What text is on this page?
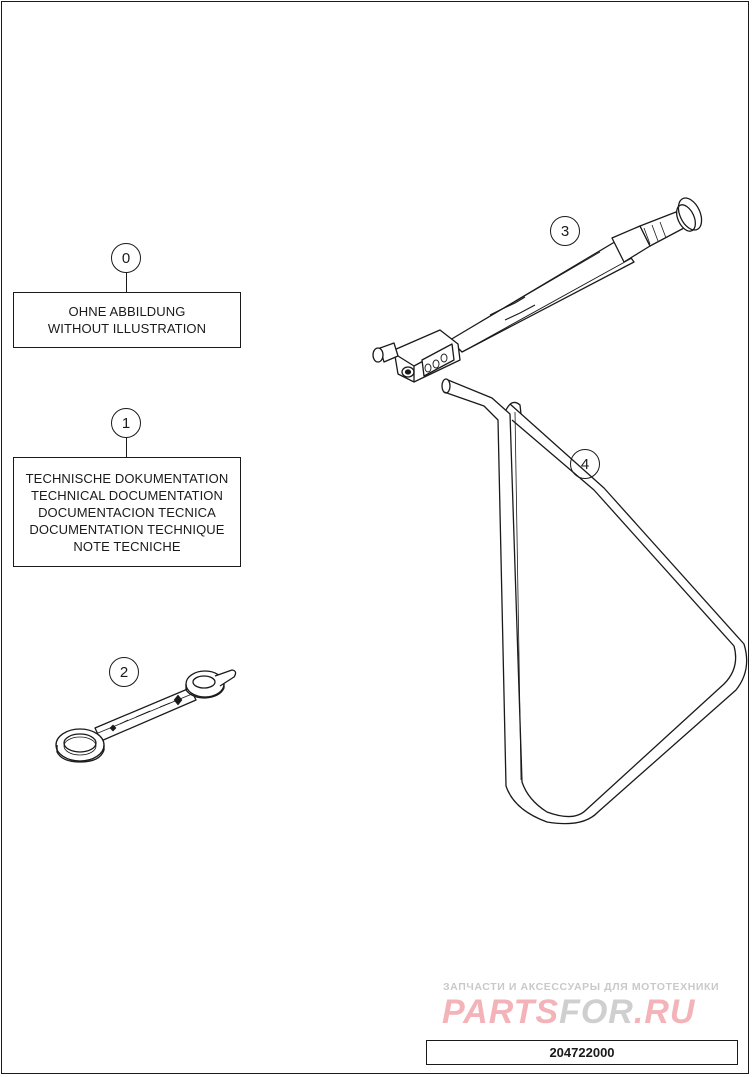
0
OHNE ABBILDUNG
WITHOUT ILLUSTRATION
1
TECHNISCHE DOKUMENTATION
TECHNICAL DOCUMENTATION
DOCUMENTACION TECNICA
DOCUMENTATION TECHNIQUE
NOTE TECNICHE
2
3
4
ЗАПЧАСТИ И АКСЕССУАРЫ ДЛЯ МОТОТЕХНИКИ
PARTSFOR.RU
204722000
